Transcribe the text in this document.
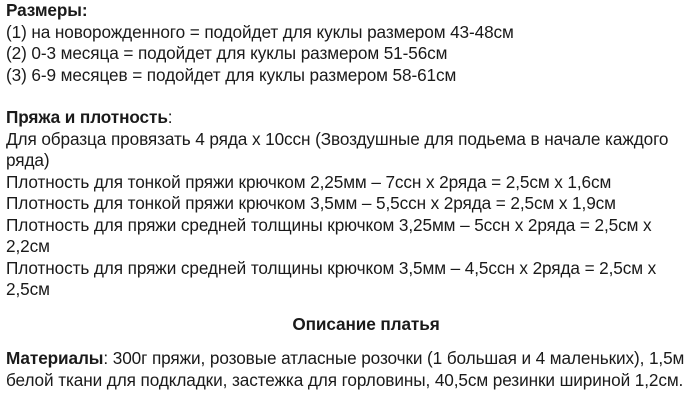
Размеры:
(1) на новорожденного = подойдет для куклы размером 43-48см
(2) 0-3 месяца = подойдет для куклы размером 51-56см
(3) 6-9 месяцев = подойдет для куклы размером 58-61см
Пряжа и плотность:
Для образца провязать 4 ряда х 10ссн (Звоздушные для подьема в начале каждого ряда)
Плотность для тонкой пряжи крючком 2,25мм – 7ссн х 2ряда = 2,5см х 1,6см
Плотность для тонкой пряжи крючком 3,5мм – 5,5ссн х 2ряда = 2,5см х 1,9см
Плотность для пряжи средней толщины крючком 3,25мм – 5ссн х 2ряда = 2,5см х 2,2см
Плотность для пряжи средней толщины крючком 3,5мм – 4,5ссн х 2ряда = 2,5см х 2,5см
Описание платья
Материалы: 300г пряжи, розовые атласные розочки (1 большая и 4 маленьких), 1,5м белой ткани для подкладки, застежка для горловины, 40,5см резинки шириной 1,2см.
